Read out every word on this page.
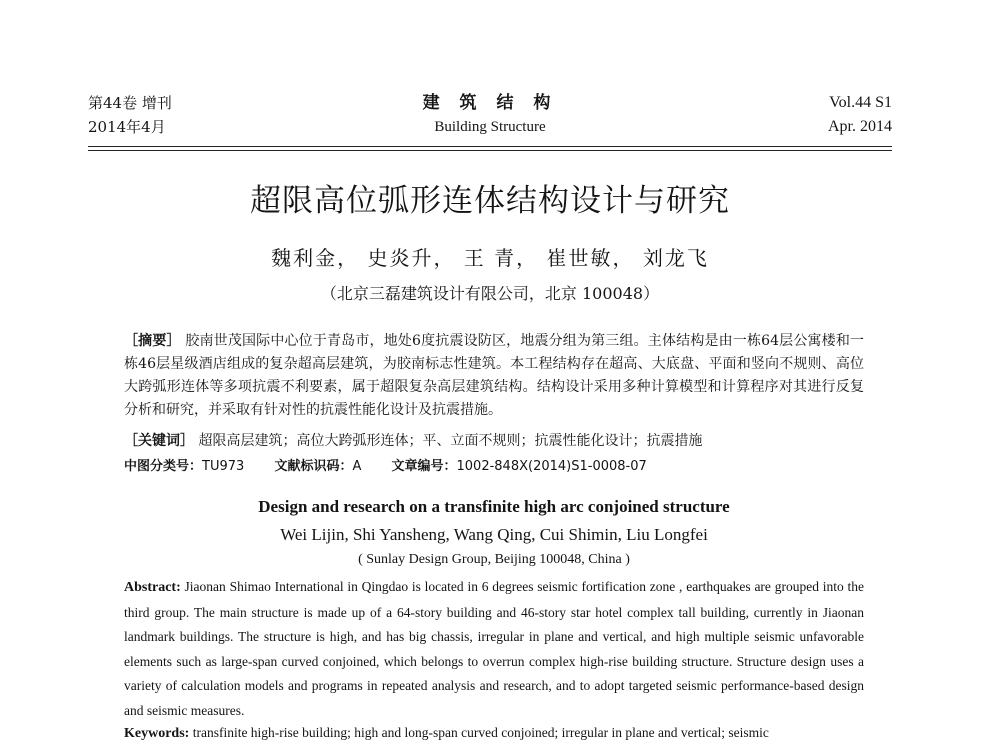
第44卷 增刊
2014年4月
建 筑 结 构
Building Structure
Vol.44 S1
Apr. 2014
超限高位弧形连体结构设计与研究
魏利金， 史炎升， 王 青， 崔世敏， 刘龙飞
（北京三磊建筑设计有限公司，北京 100048）
［摘要］ 胶南世茂国际中心位于青岛市，地处6度抗震设防区，地震分组为第三组。主体结构是由一栋64层公寓楼和一栋46层星级酒店组成的复杂超高层建筑，为胶南标志性建筑。本工程结构存在超高、大底盘、平面和竖向不规则、高位大跨弧形连体等多项抗震不利要素，属于超限复杂高层建筑结构。结构设计采用多种计算模型和计算程序对其进行反复分析和研究，并采取有针对性的抗震性能化设计及抗震措施。
［关键词］ 超限高层建筑；高位大跨弧形连体；平、立面不规则；抗震性能化设计；抗震措施
中图分类号：TU973 文献标识码：A 文章编号：1002-848X(2014)S1-0008-07
Design and research on a transfinite high arc conjoined structure
Wei Lijin, Shi Yansheng, Wang Qing, Cui Shimin, Liu Longfei
( Sunlay Design Group, Beijing 100048, China )
Abstract: Jiaonan Shimao International in Qingdao is located in 6 degrees seismic fortification zone , earthquakes are grouped into the third group. The main structure is made up of a 64-story building and 46-story star hotel complex tall building, currently in Jiaonan landmark buildings. The structure is high, and has big chassis, irregular in plane and vertical, and high multiple seismic unfavorable elements such as large-span curved conjoined, which belongs to overrun complex high-rise building structure. Structure design uses a variety of calculation models and programs in repeated analysis and research, and to adopt targeted seismic performance-based design and seismic measures.
Keywords: transfinite high-rise building; high and long-span curved conjoined; irregular in plane and vertical; seismic
